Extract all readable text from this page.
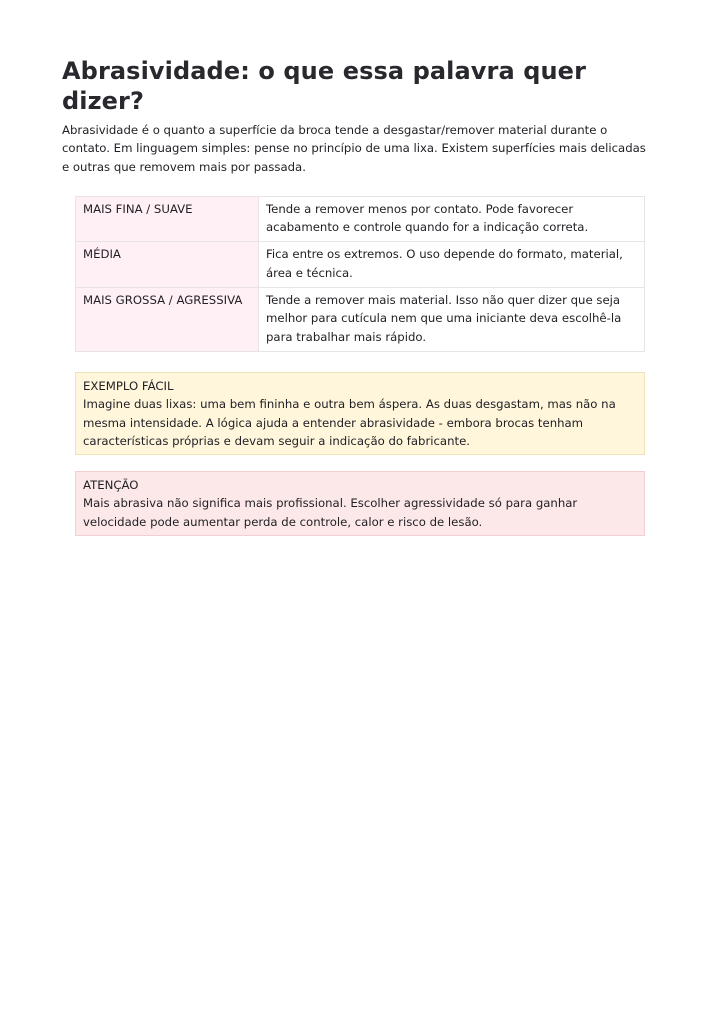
Abrasividade: o que essa palavra quer dizer?

Abrasividade é o quanto a superfície da broca tende a desgastar/remover material durante o contato. Em linguagem simples: pense no princípio de uma lixa. Existem superfícies mais delicadas e outras que removem mais por passada.

MAIS FINA / SUAVE	Tende a remover menos por contato. Pode favorecer acabamento e controle quando for a indicação correta.
MÉDIA	Fica entre os extremos. O uso depende do formato, material, área e técnica.
MAIS GROSSA / AGRESSIVA	Tende a remover mais material. Isso não quer dizer que seja melhor para cutícula nem que uma iniciante deva escolhê-la para trabalhar mais rápido.
EXEMPLO FÁCIL
Imagine duas lixas: uma bem fininha e outra bem áspera. As duas desgastam, mas não na mesma intensidade. A lógica ajuda a entender abrasividade - embora brocas tenham características próprias e devam seguir a indicação do fabricante.
ATENÇÃO
Mais abrasiva não significa mais profissional. Escolher agressividade só para ganhar velocidade pode aumentar perda de controle, calor e risco de lesão.
